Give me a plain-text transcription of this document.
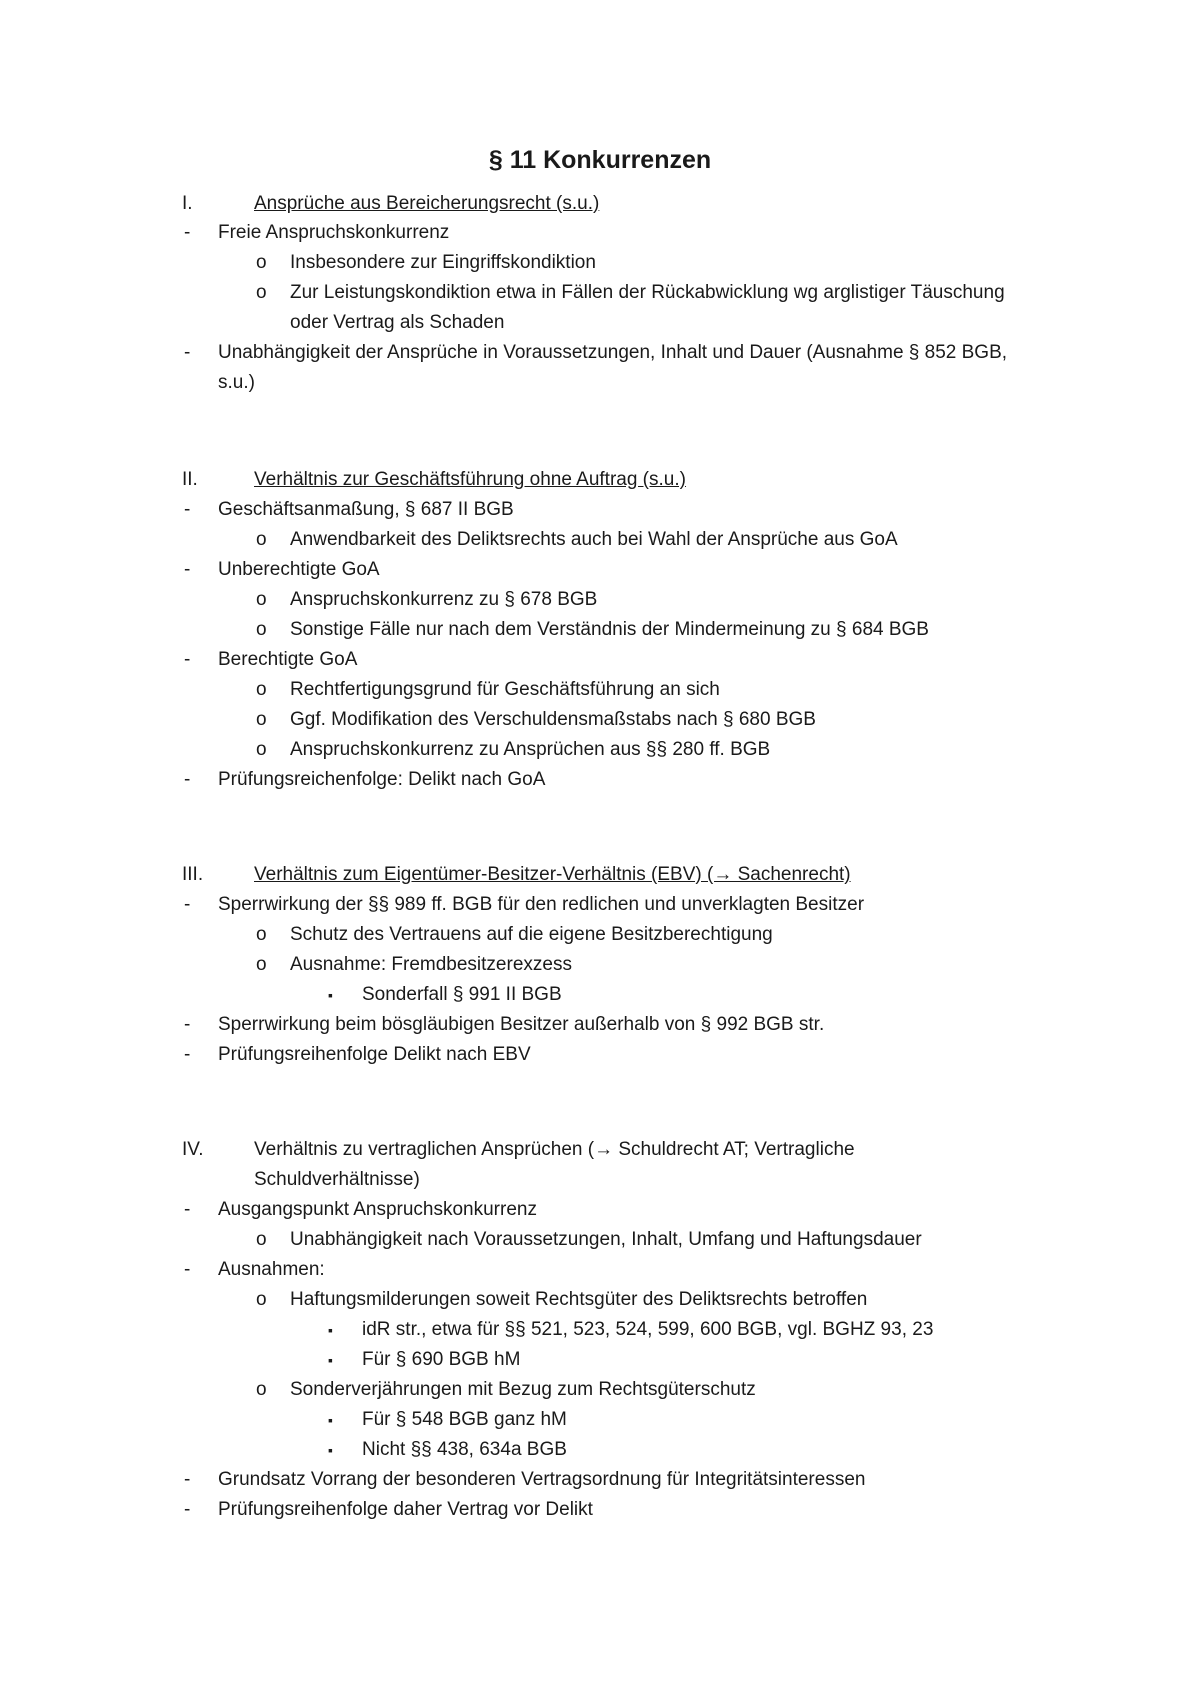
§ 11 Konkurrenzen
I.	Ansprüche aus Bereicherungsrecht (s.u.)
- Freie Anspruchskonkurrenz
o Insbesondere zur Eingriffskondiktion
o Zur Leistungskondiktion etwa in Fällen der Rückabwicklung wg arglistiger Täuschung
oder Vertrag als Schaden
- Unabhängigkeit der Ansprüche in Voraussetzungen, Inhalt und Dauer (Ausnahme § 852 BGB,
s.u.)
II.	Verhältnis zur Geschäftsführung ohne Auftrag (s.u.)
- Geschäftsanmaßung, § 687 II BGB
o Anwendbarkeit des Deliktsrechts auch bei Wahl der Ansprüche aus GoA
- Unberechtigte GoA
o Anspruchskonkurrenz zu § 678 BGB
o Sonstige Fälle nur nach dem Verständnis der Mindermeinung zu § 684 BGB
- Berechtigte GoA
o Rechtfertigungsgrund für Geschäftsführung an sich
o Ggf. Modifikation des Verschuldensmaßstabs nach § 680 BGB
o Anspruchskonkurrenz zu Ansprüchen aus §§ 280 ff. BGB
- Prüfungsreichenfolge: Delikt nach GoA
III.	Verhältnis zum Eigentümer-Besitzer-Verhältnis (EBV) (→ Sachenrecht)
- Sperrwirkung der §§ 989 ff. BGB für den redlichen und unverklagten Besitzer
o Schutz des Vertrauens auf die eigene Besitzberechtigung
o Ausnahme: Fremdbesitzerexzess
▪ Sonderfall § 991 II BGB
- Sperrwirkung beim bösgläubigen Besitzer außerhalb von § 992 BGB str.
- Prüfungsreihenfolge Delikt nach EBV
IV.	Verhältnis zu vertraglichen Ansprüchen (→ Schuldrecht AT; Vertragliche
Schuldverhältnisse)
- Ausgangspunkt Anspruchskonkurrenz
o Unabhängigkeit nach Voraussetzungen, Inhalt, Umfang und Haftungsdauer
- Ausnahmen:
o Haftungsmilderungen soweit Rechtsgüter des Deliktsrechts betroffen
▪ idR str., etwa für §§ 521, 523, 524, 599, 600 BGB, vgl. BGHZ 93, 23
▪ Für § 690 BGB hM
o Sonderverjährungen mit Bezug zum Rechtsgüterschutz
▪ Für § 548 BGB ganz hM
▪ Nicht §§ 438, 634a BGB
- Grundsatz Vorrang der besonderen Vertragsordnung für Integritätsinteressen
- Prüfungsreihenfolge daher Vertrag vor Delikt
